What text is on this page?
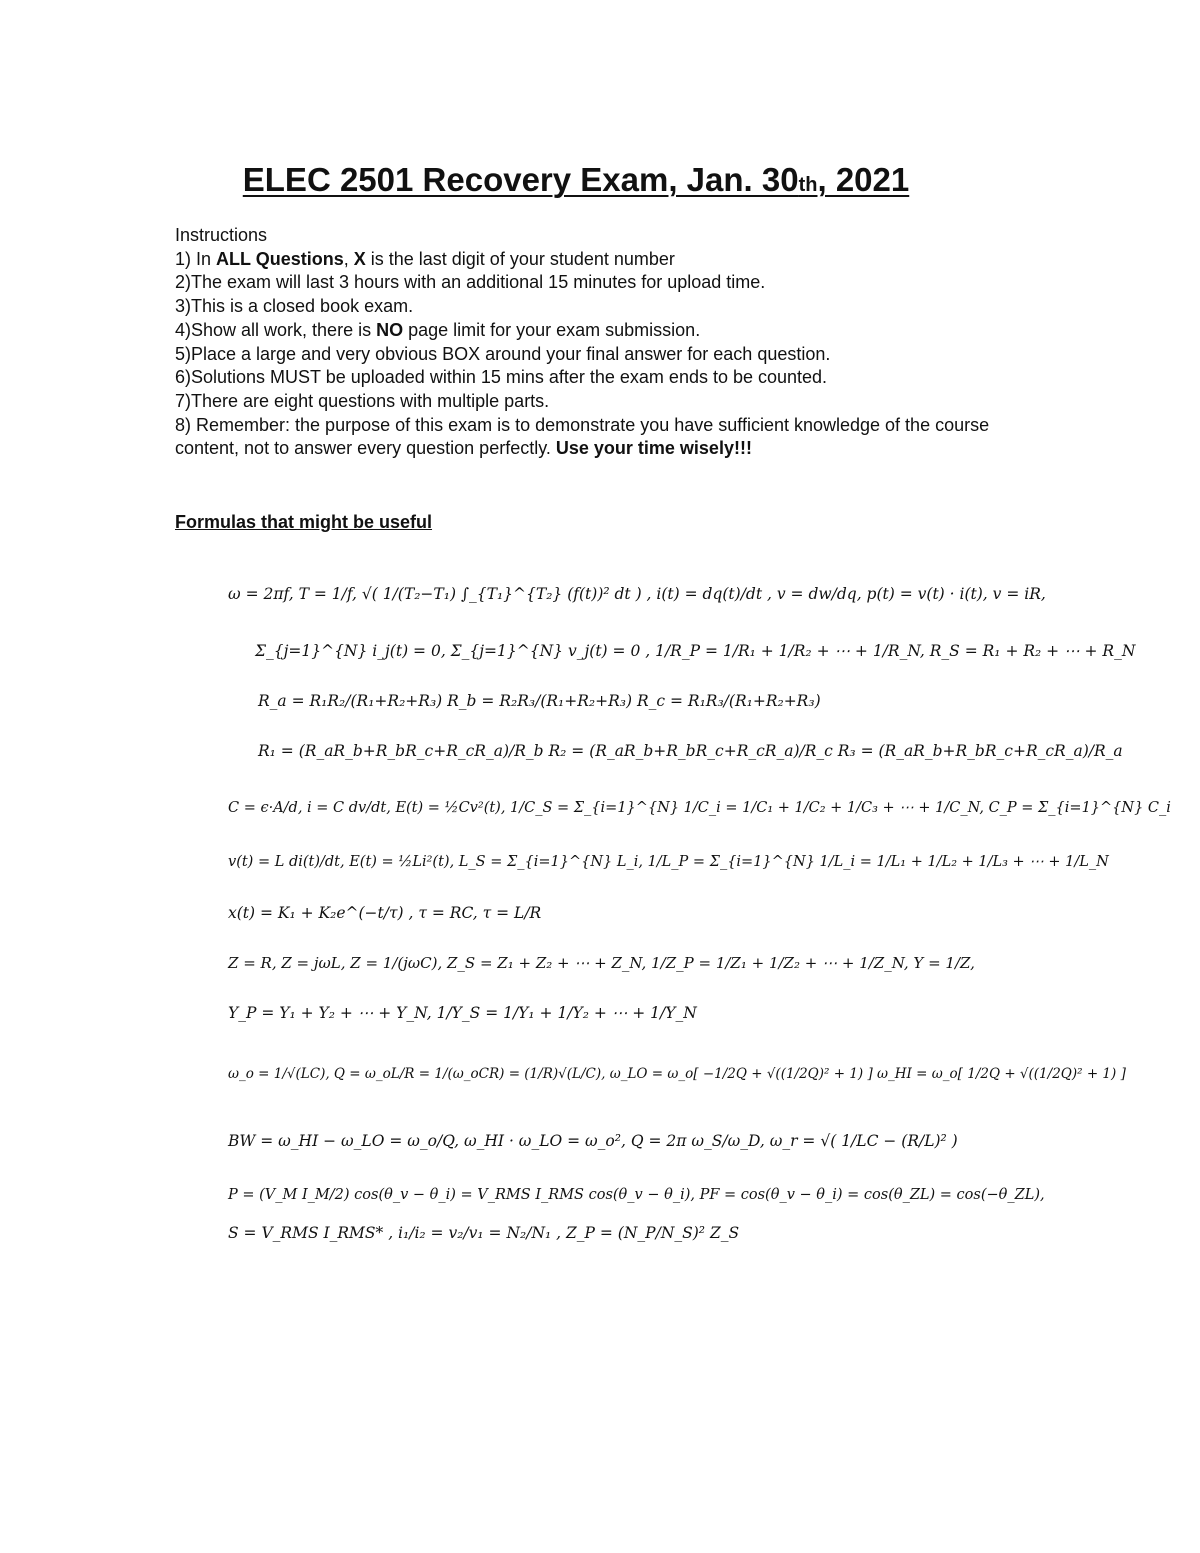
ELEC 2501 Recovery Exam, Jan. 30th, 2021
Instructions
1) In ALL Questions, X is the last digit of your student number
2)The exam will last 3 hours with an additional 15 minutes for upload time.
3)This is a closed book exam.
4)Show all work, there is NO page limit for your exam submission.
5)Place a large and very obvious BOX around your final answer for each question.
6)Solutions MUST be uploaded within 15 mins after the exam ends to be counted.
7)There are eight questions with multiple parts.
8) Remember: the purpose of this exam is to demonstrate you have sufficient knowledge of the course content, not to answer every question perfectly. Use your time wisely!!!
Formulas that might be useful
ω = 2πf, T = 1/f, √( 1/(T₂−T₁) ∫_{T₁}^{T₂} (f(t))² dt ) , i(t) = dq(t)/dt , v = dw/dq, p(t) = v(t) · i(t), v = iR,
Σ_{j=1}^{N} i_j(t) = 0, Σ_{j=1}^{N} v_j(t) = 0 , 1/R_P = 1/R₁ + 1/R₂ + ⋯ + 1/R_N, R_S = R₁ + R₂ + ⋯ + R_N
R_a = R₁R₂/(R₁+R₂+R₃) R_b = R₂R₃/(R₁+R₂+R₃) R_c = R₁R₃/(R₁+R₂+R₃)
R₁ = (R_aR_b+R_bR_c+R_cR_a)/R_b R₂ = (R_aR_b+R_bR_c+R_cR_a)/R_c R₃ = (R_aR_b+R_bR_c+R_cR_a)/R_a
C = ϵ·A/d, i = C dv/dt, E(t) = ½Cv²(t), 1/C_S = Σ_{i=1}^{N} 1/C_i = 1/C₁ + 1/C₂ + 1/C₃ + ⋯ + 1/C_N, C_P = Σ_{i=1}^{N} C_i
v(t) = L di(t)/dt, E(t) = ½Li²(t), L_S = Σ_{i=1}^{N} L_i, 1/L_P = Σ_{i=1}^{N} 1/L_i = 1/L₁ + 1/L₂ + 1/L₃ + ⋯ + 1/L_N
x(t) = K₁ + K₂e^(−t/τ) , τ = RC, τ = L/R
Z = R, Z = jωL, Z = 1/(jωC), Z_S = Z₁ + Z₂ + ⋯ + Z_N, 1/Z_P = 1/Z₁ + 1/Z₂ + ⋯ + 1/Z_N, Y = 1/Z,
Y_P = Y₁ + Y₂ + ⋯ + Y_N, 1/Y_S = 1/Y₁ + 1/Y₂ + ⋯ + 1/Y_N
ω_o = 1/√(LC), Q = ω_oL/R = 1/(ω_oCR) = (1/R)√(L/C), ω_LO = ω_o[ −1/2Q + √((1/2Q)² + 1) ] ω_HI = ω_o[ 1/2Q + √((1/2Q)² + 1) ]
BW = ω_HI − ω_LO = ω_o/Q, ω_HI · ω_LO = ω_o², Q = 2π ω_S/ω_D, ω_r = √( 1/LC − (R/L)² )
P = (V_M I_M/2) cos(θ_v − θ_i) = V_RMS I_RMS cos(θ_v − θ_i), PF = cos(θ_v − θ_i) = cos(θ_ZL) = cos(−θ_ZL),
S = V_RMS I_RMS* , i₁/i₂ = v₂/v₁ = N₂/N₁ , Z_P = (N_P/N_S)² Z_S
